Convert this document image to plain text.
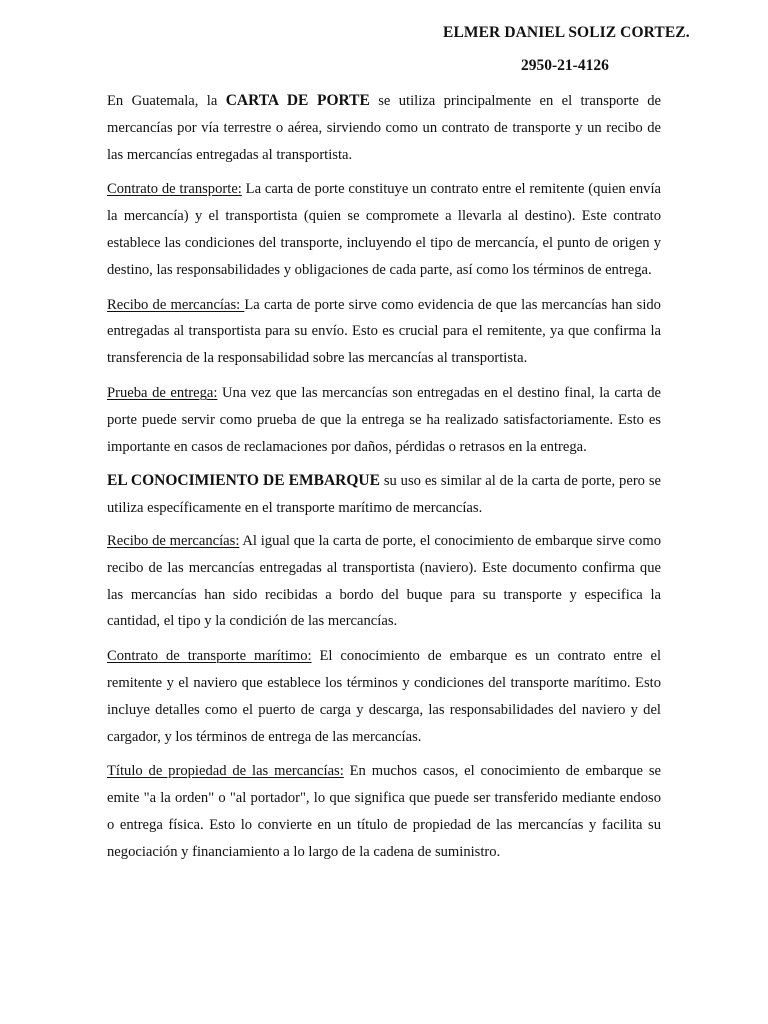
ELMER DANIEL SOLIZ CORTEZ.
2950-21-4126

En Guatemala, la CARTA DE PORTE se utiliza principalmente en el transporte de mercancías por vía terrestre o aérea, sirviendo como un contrato de transporte y un recibo de las mercancías entregadas al transportista.

Contrato de transporte: La carta de porte constituye un contrato entre el remitente (quien envía la mercancía) y el transportista (quien se compromete a llevarla al destino). Este contrato establece las condiciones del transporte, incluyendo el tipo de mercancía, el punto de origen y destino, las responsabilidades y obligaciones de cada parte, así como los términos de entrega.

Recibo de mercancías: La carta de porte sirve como evidencia de que las mercancías han sido entregadas al transportista para su envío. Esto es crucial para el remitente, ya que confirma la transferencia de la responsabilidad sobre las mercancías al transportista.

Prueba de entrega: Una vez que las mercancías son entregadas en el destino final, la carta de porte puede servir como prueba de que la entrega se ha realizado satisfactoriamente. Esto es importante en casos de reclamaciones por daños, pérdidas o retrasos en la entrega.

EL CONOCIMIENTO DE EMBARQUE su uso es similar al de la carta de porte, pero se utiliza específicamente en el transporte marítimo de mercancías.

Recibo de mercancías: Al igual que la carta de porte, el conocimiento de embarque sirve como recibo de las mercancías entregadas al transportista (naviero). Este documento confirma que las mercancías han sido recibidas a bordo del buque para su transporte y especifica la cantidad, el tipo y la condición de las mercancías.

Contrato de transporte marítimo: El conocimiento de embarque es un contrato entre el remitente y el naviero que establece los términos y condiciones del transporte marítimo. Esto incluye detalles como el puerto de carga y descarga, las responsabilidades del naviero y del cargador, y los términos de entrega de las mercancías.

Título de propiedad de las mercancías: En muchos casos, el conocimiento de embarque se emite "a la orden" o "al portador", lo que significa que puede ser transferido mediante endoso o entrega física. Esto lo convierte en un título de propiedad de las mercancías y facilita su negociación y financiamiento a lo largo de la cadena de suministro.
